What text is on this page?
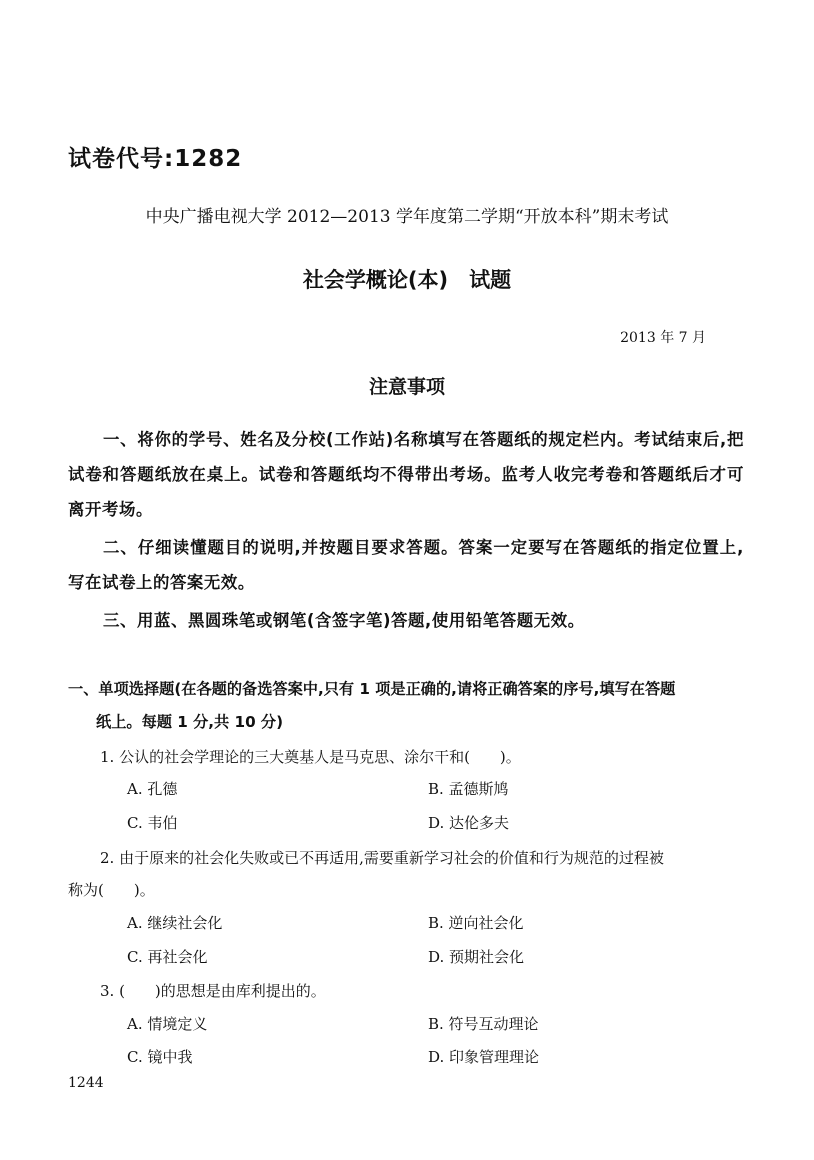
试卷代号:1282
中央广播电视大学 2012—2013 学年度第二学期“开放本科”期末考试
社会学概论(本)　试题
2013 年 7 月
注意事项
一、将你的学号、姓名及分校(工作站)名称填写在答题纸的规定栏内。考试结束后,把试卷和答题纸放在桌上。试卷和答题纸均不得带出考场。监考人收完考卷和答题纸后才可离开考场。
二、仔细读懂题目的说明,并按题目要求答题。答案一定要写在答题纸的指定位置上,写在试卷上的答案无效。
三、用蓝、黑圆珠笔或钢笔(含签字笔)答题,使用铅笔答题无效。
一、单项选择题(在各题的备选答案中,只有 1 项是正确的,请将正确答案的序号,填写在答题
纸上。每题 1 分,共 10 分)
1. 公认的社会学理论的三大奠基人是马克思、涂尔干和(　　)。
A. 孔德	B. 孟德斯鸠
C. 韦伯	D. 达伦多夫
2. 由于原来的社会化失败或已不再适用,需要重新学习社会的价值和行为规范的过程被
称为(　　)。
A. 继续社会化	B. 逆向社会化
C. 再社会化	D. 预期社会化
3. (　　)的思想是由库利提出的。
A. 情境定义	B. 符号互动理论
C. 镜中我	D. 印象管理理论
1244
